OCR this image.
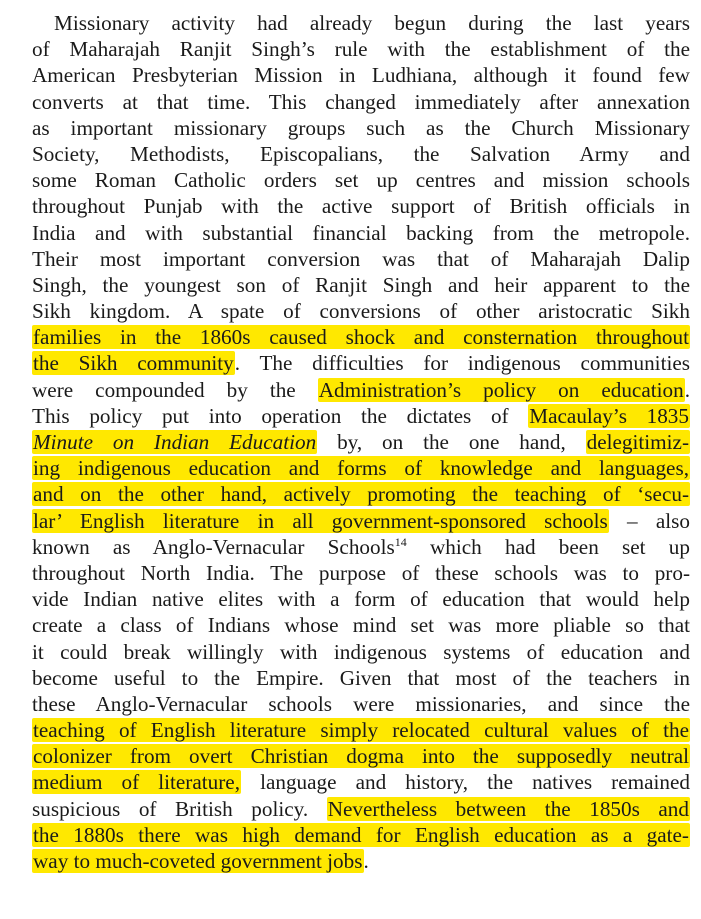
Missionary activity had already begun during the last years
of Maharajah Ranjit Singh’s rule with the establishment of the
American Presbyterian Mission in Ludhiana, although it found few
converts at that time. This changed immediately after annexation
as important missionary groups such as the Church Missionary
Society, Methodists, Episcopalians, the Salvation Army and
some Roman Catholic orders set up centres and mission schools
throughout Punjab with the active support of British officials in
India and with substantial financial backing from the metropole.
Their most important conversion was that of Maharajah Dalip
Singh, the youngest son of Ranjit Singh and heir apparent to the
Sikh kingdom. A spate of conversions of other aristocratic Sikh
families in the 1860s caused shock and consternation throughout
the Sikh community. The difficulties for indigenous communities
were compounded by the Administration’s policy on education.
This policy put into operation the dictates of Macaulay’s 1835
Minute on Indian Education by, on the one hand, delegitimiz-
ing indigenous education and forms of knowledge and languages,
and on the other hand, actively promoting the teaching of ‘secu-
lar’ English literature in all government-sponsored schools – also
known as Anglo-Vernacular Schools$^{14}$ which had been set up
throughout North India. The purpose of these schools was to pro-
vide Indian native elites with a form of education that would help
create a class of Indians whose mind set was more pliable so that
it could break willingly with indigenous systems of education and
become useful to the Empire. Given that most of the teachers in
these Anglo-Vernacular schools were missionaries, and since the
teaching of English literature simply relocated cultural values of the
colonizer from overt Christian dogma into the supposedly neutral
medium of literature, language and history, the natives remained
suspicious of British policy. Nevertheless between the 1850s and
the 1880s there was high demand for English education as a gate-
way to much-coveted government jobs.
